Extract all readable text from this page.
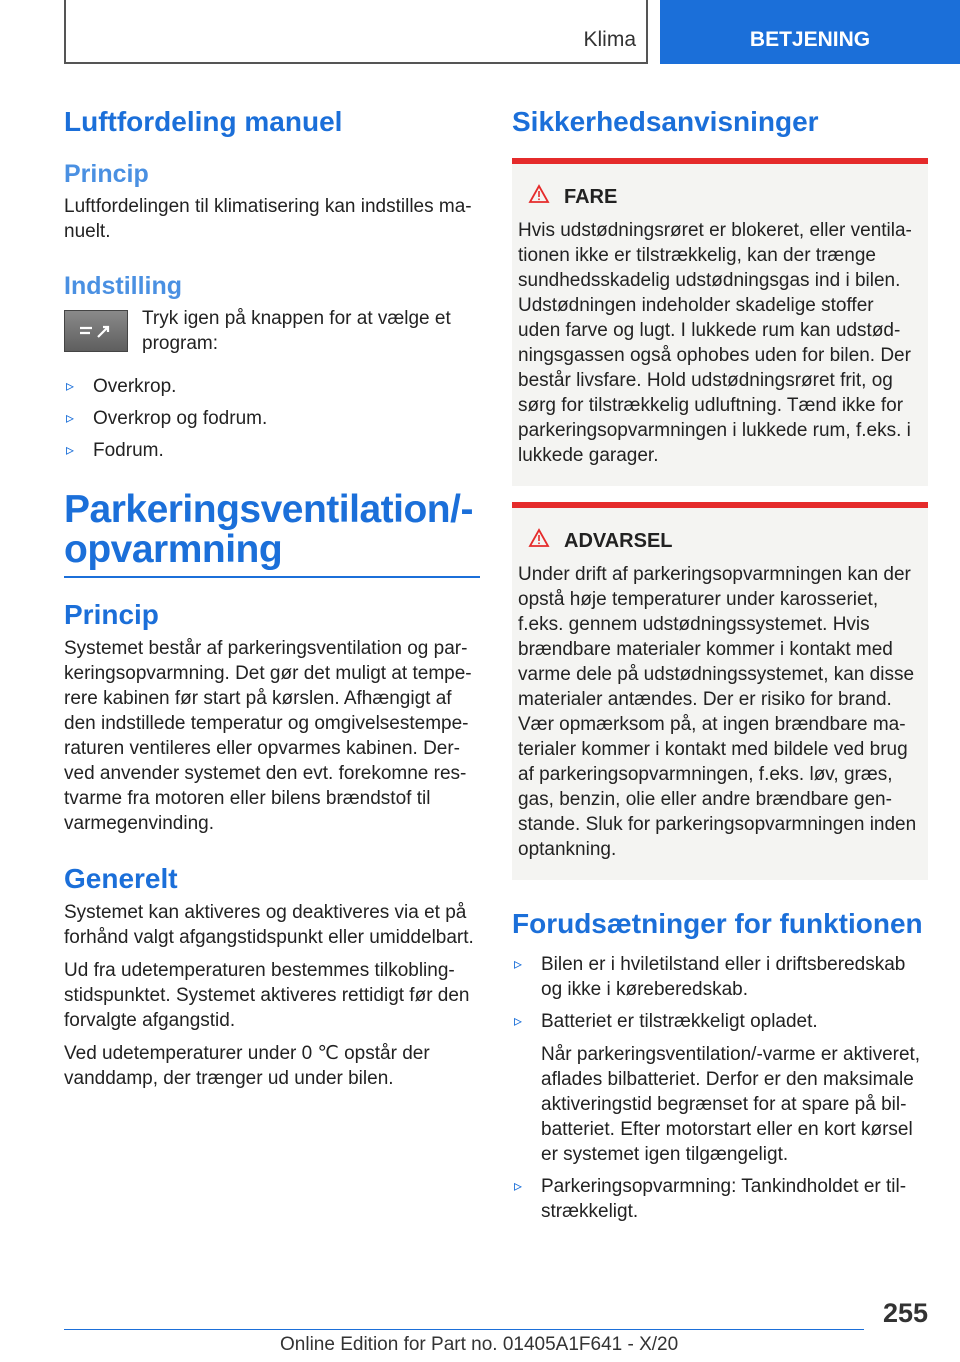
Klima	BETJENING
Luftfordeling manuel
Princip

Luftfordelingen til klimatisering kan indstilles ma-nuelt.

Indstilling
Tryk igen på knappen for at vælge et program:
▹ Overkrop.
▹ Overkrop og fodrum.
▹ Fodrum.
Parkeringsventilation/-
opvarmning
Princip

Systemet består af parkeringsventilation og par-keringsopvarmning. Det gør det muligt at tempe-rere kabinen før start på kørslen. Afhængigt af den indstillede temperatur og omgivelsestempe-raturen ventileres eller opvarmes kabinen. Der-ved anvender systemet den evt. forekomne res-tvarme fra motoren eller bilens brændstof til varmegenvinding.

Generelt

Systemet kan aktiveres og deaktiveres via et på forhånd valgt afgangstidspunkt eller umiddelbart.

Ud fra udetemperaturen bestemmes tilkobling-stidspunktet. Systemet aktiveres rettidigt før den forvalgte afgangstid.

Ved udetemperaturer under 0 ℃ opstår der vanddamp, der trænger ud under bilen.

Sikkerhedsanvisninger
FARE

Hvis udstødningsrøret er blokeret, eller ventila-tionen ikke er tilstrækkelig, kan der trænge sundhedsskadelig udstødningsgas ind i bilen. Udstødningen indeholder skadelige stoffer uden farve og lugt. I lukkede rum kan udstød-ningsgassen også ophobes uden for bilen. Der består livsfare. Hold udstødningsrøret frit, og sørg for tilstrækkelig udluftning. Tænd ikke for parkeringsopvarmningen i lukkede rum, f.eks. i lukkede garager.

ADVARSEL

Under drift af parkeringsopvarmningen kan der opstå høje temperaturer under karosseriet, f.eks. gennem udstødningssystemet. Hvis brændbare materialer kommer i kontakt med varme dele på udstødningssystemet, kan disse materialer antændes. Der er risiko for brand. Vær opmærksom på, at ingen brændbare ma-terialer kommer i kontakt med bildele ved brug af parkeringsopvarmningen, f.eks. løv, græs, gas, benzin, olie eller andre brændbare gen-stande. Sluk for parkeringsopvarmningen inden optankning.

Forudsætninger for funktionen
▹ Bilen er i hviletilstand eller i driftsberedskab og ikke i køreberedskab.
▹ Batteriet er tilstrækkeligt opladet.
Når parkeringsventilation/-varme er aktiveret, aflades bilbatteriet. Derfor er den maksimale aktiveringstid begrænset for at spare på bil-batteriet. Efter motorstart eller en kort kørsel er systemet igen tilgængeligt.
▹ Parkeringsopvarmning: Tankindholdet er til-strækkeligt.
255
Online Edition for Part no. 01405A1F641 - X/20
